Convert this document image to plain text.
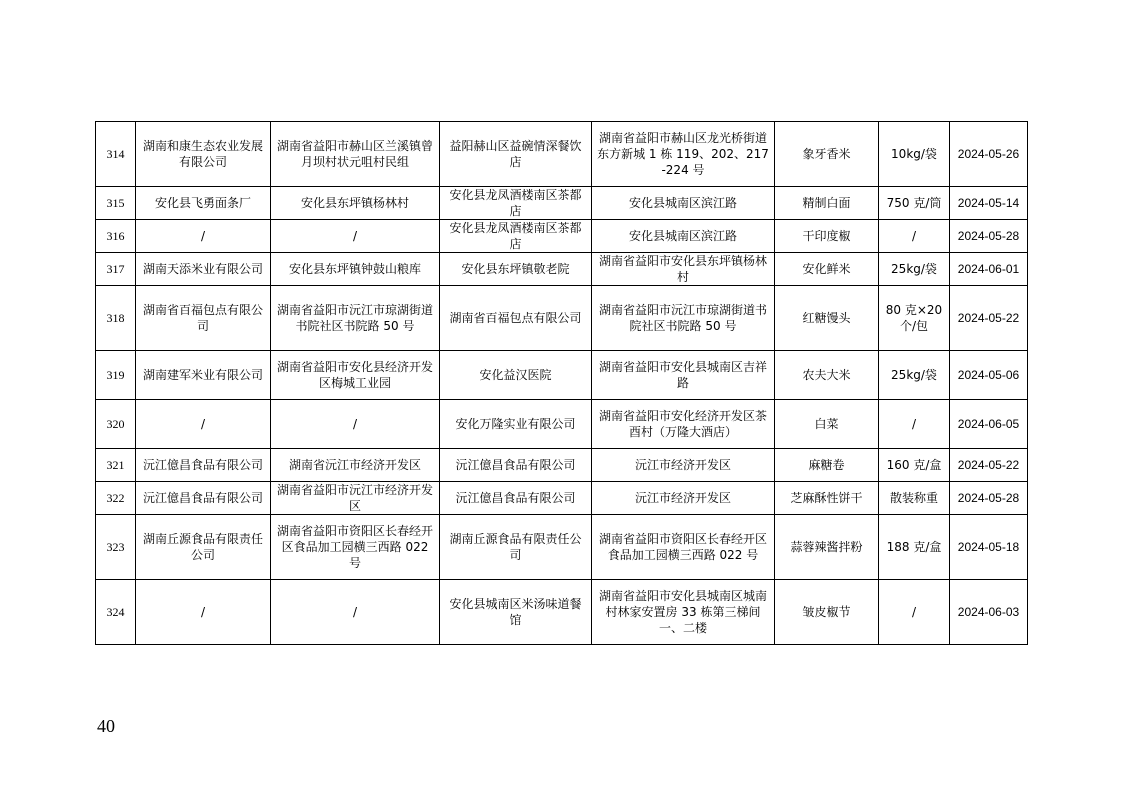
314	湖南和康生态农业发展有限公司	湖南省益阳市赫山区兰溪镇曾月坝村状元咀村民组	益阳赫山区益碗情深餐饮店	湖南省益阳市赫山区龙光桥街道东方新城 1 栋 119、202、217-224 号	象牙香米	10kg/袋	2024-05-26
315	安化县飞勇面条厂	安化县东坪镇杨林村	安化县龙凤酒楼南区茶都店	安化县城南区滨江路	精制白面	750 克/筒	2024-05-14
316	/	/	安化县龙凤酒楼南区茶都店	安化县城南区滨江路	干印度椒	/	2024-05-28
317	湖南天添米业有限公司	安化县东坪镇钟鼓山粮库	安化县东坪镇敬老院	湖南省益阳市安化县东坪镇杨林村	安化鲜米	25kg/袋	2024-06-01
318	湖南省百福包点有限公司	湖南省益阳市沅江市琼湖街道书院社区书院路 50 号	湖南省百福包点有限公司	湖南省益阳市沅江市琼湖街道书院社区书院路 50 号	红糖馒头	80 克×20 个/包	2024-05-22
319	湖南建军米业有限公司	湖南省益阳市安化县经济开发区梅城工业园	安化益汉医院	湖南省益阳市安化县城南区吉祥路	农夫大米	25kg/袋	2024-05-06
320	/	/	安化万隆实业有限公司	湖南省益阳市安化经济开发区茶酉村（万隆大酒店）	白菜	/	2024-06-05
321	沅江億昌食品有限公司	湖南省沅江市经济开发区	沅江億昌食品有限公司	沅江市经济开发区	麻糖卷	160 克/盒	2024-05-22
322	沅江億昌食品有限公司	湖南省益阳市沅江市经济开发区	沅江億昌食品有限公司	沅江市经济开发区	芝麻酥性饼干	散装称重	2024-05-28
323	湖南丘源食品有限责任公司	湖南省益阳市资阳区长春经开区食品加工园横三西路 022 号	湖南丘源食品有限责任公司	湖南省益阳市资阳区长春经开区食品加工园横三西路 022 号	蒜蓉辣酱拌粉	188 克/盒	2024-05-18
324	/	/	安化县城南区米汤味道餐馆	湖南省益阳市安化县城南区城南村林家安置房 33 栋第三梯间一、二楼	皱皮椒节	/	2024-06-03
40
